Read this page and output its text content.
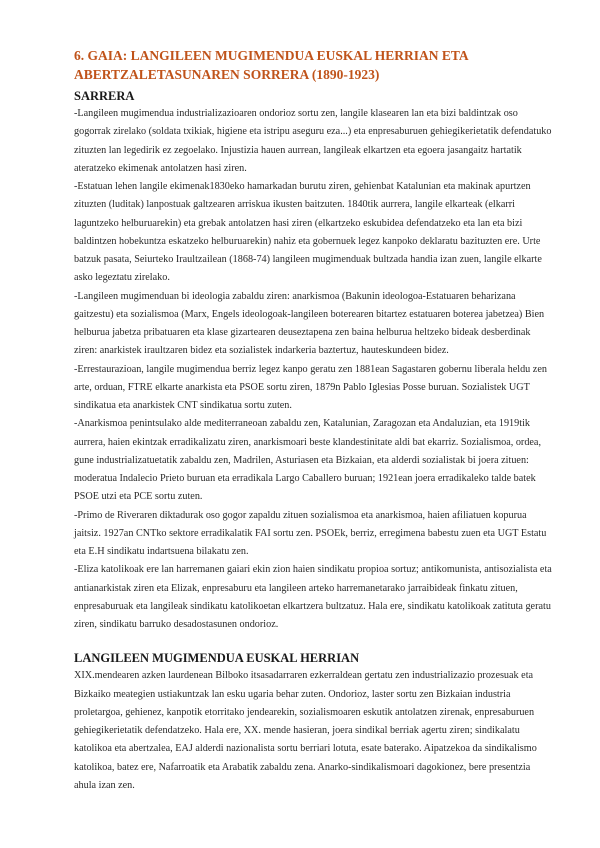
6. GAIA: LANGILEEN MUGIMENDUA EUSKAL HERRIAN ETA ABERTZALETASUNAREN SORRERA (1890-1923)
SARRERA

-Langileen mugimendua industrializazioaren ondorioz sortu zen, langile klasearen lan eta bizi baldintzak oso gogorrak zirelako (soldata txikiak, higiene eta istripu aseguru eza...) eta enpresaburuen gehiegikerietatik defendatuko zituzten lan legedirik ez zegoelako. Injustizia hauen aurrean, langileak elkartzen eta egoera jasangaitz hartatik ateratzeko ekimenak antolatzen hasi ziren.

-Estatuan lehen langile ekimenak1830eko hamarkadan burutu ziren, gehienbat Katalunian eta makinak apurtzen zituzten (luditak) lanpostuak galtzearen arriskua ikusten baitzuten. 1840tik aurrera, langile elkarteak (elkarri laguntzeko helburuarekin) eta grebak antolatzen hasi ziren (elkartzeko eskubidea defendatzeko eta lan eta bizi baldintzen hobekuntza eskatzeko helburuarekin) nahiz eta gobernuek legez kanpoko deklaratu bazituzten ere. Urte batzuk pasata, Seiurteko Iraultzailean (1868-74) langileen mugimenduak bultzada handia izan zuen, langile elkarte asko legeztatu zirelako.

-Langileen mugimenduan bi ideologia zabaldu ziren: anarkismoa (Bakunin ideologoa-Estatuaren beharizana gaitzestu) eta sozialismoa (Marx, Engels ideologoak-langileen boterearen bitartez estatuaren boterea jabetzea) Bien helburua jabetza pribatuaren eta klase gizartearen deuseztapena zen baina helburua heltzeko bideak desberdinak ziren: anarkistek iraultzaren bidez eta sozialistek indarkeria baztertuz, hauteskundeen bidez.

-Errestaurazioan, langile mugimendua berriz legez kanpo geratu zen 1881ean Sagastaren gobernu liberala heldu zen arte, orduan, FTRE elkarte anarkista eta PSOE sortu ziren, 1879n Pablo Iglesias Posse buruan. Sozialistek UGT sindikatua eta anarkistek CNT sindikatua sortu zuten.

-Anarkismoa penintsulako alde mediterraneoan zabaldu zen, Katalunian, Zaragozan eta Andaluzian, eta 1919tik aurrera, haien ekintzak erradikalizatu ziren, anarkismoari beste klandestinitate aldi bat ekarriz. Sozialismoa, ordea, gune industrializatuetatik zabaldu zen, Madrilen, Asturiasen eta Bizkaian, eta alderdi sozialistak bi joera zituen: moderatua Indalecio Prieto buruan eta erradikala Largo Caballero buruan; 1921ean joera erradikaleko talde batek PSOE utzi eta PCE sortu zuten.

-Primo de Riveraren diktadurak oso gogor zapaldu zituen sozialismoa eta anarkismoa, haien afiliatuen kopurua jaitsiz. 1927an CNTko sektore erradikalatik FAI sortu zen. PSOEk, berriz, erregimena babestu zuen eta UGT Estatu eta E.H sindikatu indartsuena bilakatu zen.

-Eliza katolikoak ere lan harremanen gaiari ekin zion haien sindikatu propioa sortuz; antikomunista, antisozialista eta antianarkistak ziren eta Elizak, enpresaburu eta langileen arteko harremanetarako jarraibideak finkatu zituen, enpresaburuak eta langileak sindikatu katolikoetan elkartzera bultzatuz. Hala ere, sindikatu katolikoak zatituta geratu ziren, sindikatu barruko desadostasunen ondorioz.

LANGILEEN MUGIMENDUA EUSKAL HERRIAN

XIX.mendearen azken laurdenean Bilboko itsasadarraren ezkerraldean gertatu zen industrializazio prozesuak eta Bizkaiko meategien ustiakuntzak lan esku ugaria behar zuten. Ondorioz, laster sortu zen Bizkaian industria proletargoa, gehienez, kanpotik etorritako jendearekin, sozialismoaren eskutik antolatzen zirenak, enpresaburuen gehiegikerietatik defendatzeko. Hala ere, XX. mende hasieran, joera sindikal berriak agertu ziren; sindikalatu katolikoa eta abertzalea, EAJ alderdi nazionalista sortu berriari lotuta, esate baterako. Aipatzekoa da sindikalismo katolikoa, batez ere, Nafarroatik eta Arabatik zabaldu zena. Anarko-sindikalismoari dagokionez, bere presentzia ahula izan zen.
